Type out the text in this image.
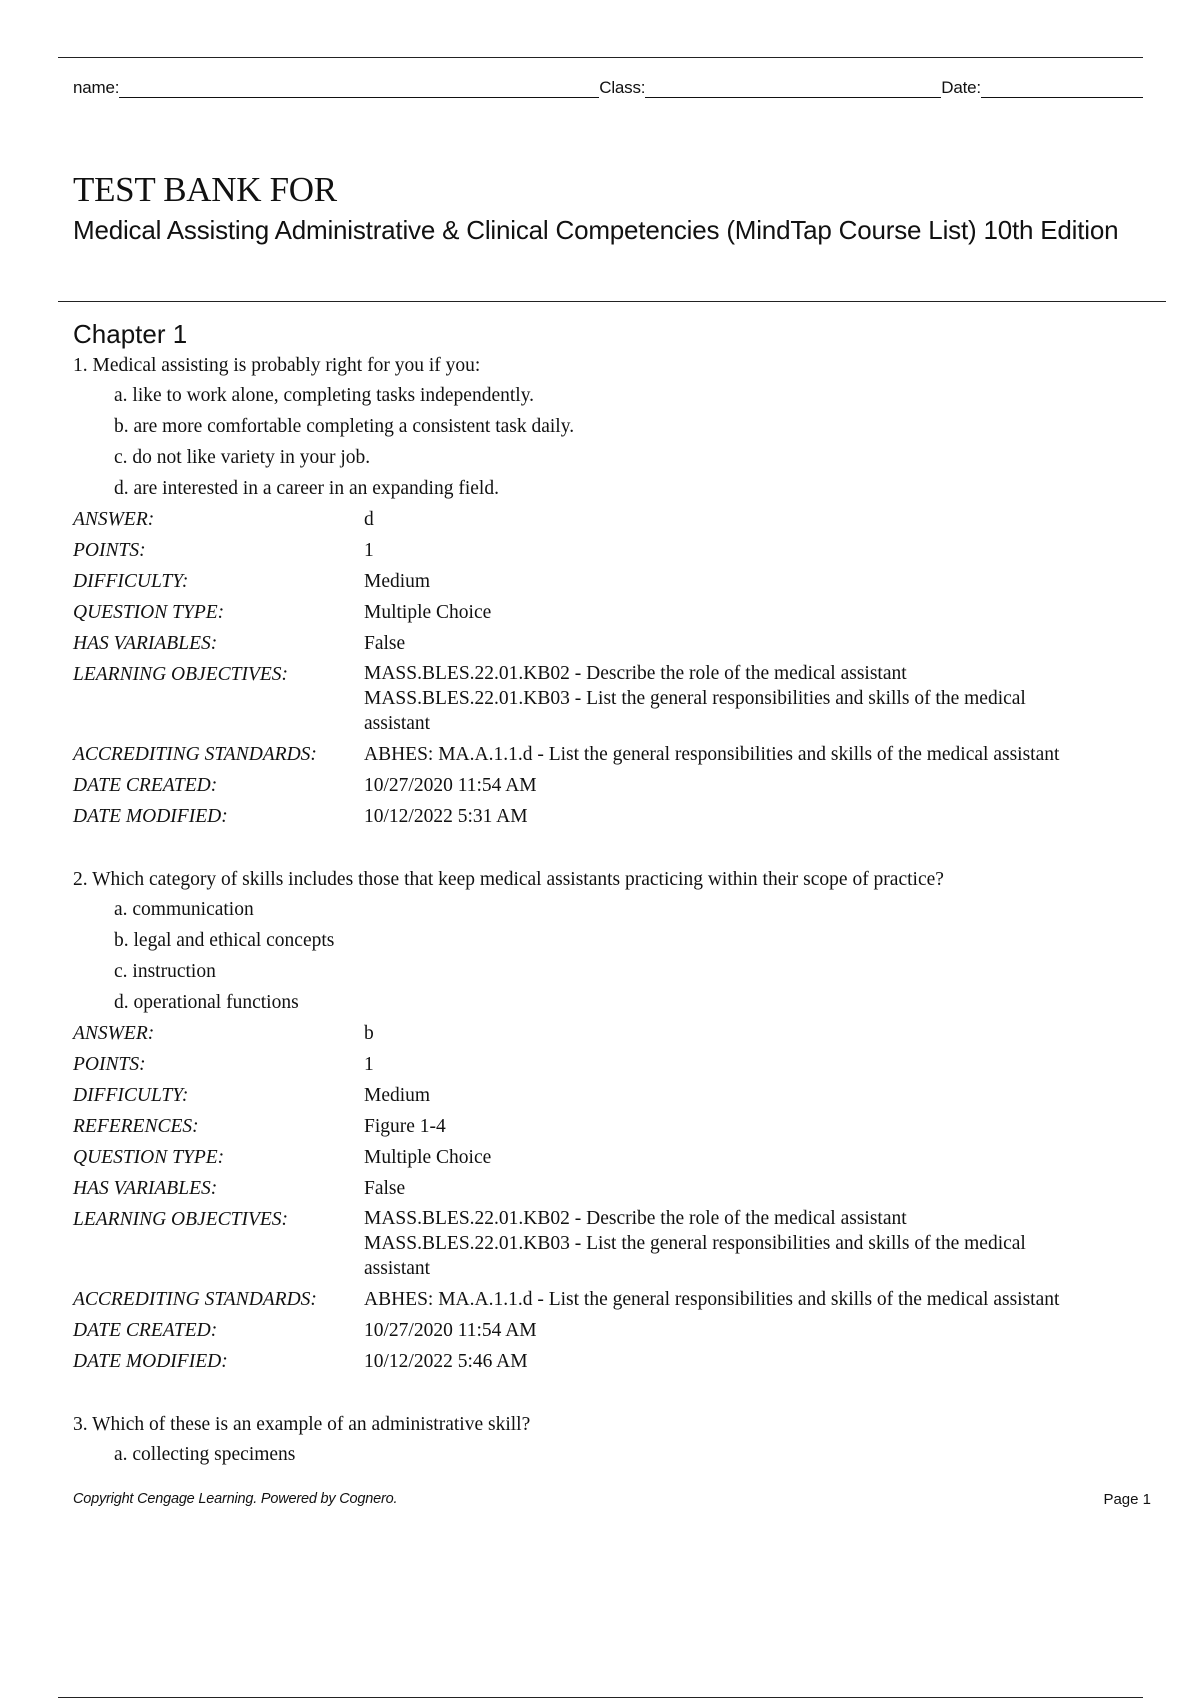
name:	Class:	Date:
TEST BANK FOR
Medical Assisting Administrative & Clinical Competencies (MindTap Course List) 10th Edition
Chapter 1

1. Medical assisting is probably right for you if you:

a. like to work alone, completing tasks independently.
b. are more comfortable completing a consistent task daily.
c. do not like variety in your job.
d. are interested in a career in an expanding field.
ANSWER:	d
POINTS:	1
DIFFICULTY:	Medium
QUESTION TYPE:	Multiple Choice
HAS VARIABLES:	False
LEARNING OBJECTIVES:	MASS.BLES.22.01.KB02 - Describe the role of the medical assistant
MASS.BLES.22.01.KB03 - List the general responsibilities and skills of the medical
assistant
ACCREDITING STANDARDS:	ABHES: MA.A.1.1.d - List the general responsibilities and skills of the medical assistant
DATE CREATED:	10/27/2020 11:54 AM
DATE MODIFIED:	10/12/2022 5:31 AM

2. Which category of skills includes those that keep medical assistants practicing within their scope of practice?

a. communication
b. legal and ethical concepts
c. instruction
d. operational functions
ANSWER:	b
POINTS:	1
DIFFICULTY:	Medium
REFERENCES:	Figure 1-4
QUESTION TYPE:	Multiple Choice
HAS VARIABLES:	False
LEARNING OBJECTIVES:	MASS.BLES.22.01.KB02 - Describe the role of the medical assistant
MASS.BLES.22.01.KB03 - List the general responsibilities and skills of the medical
assistant
ACCREDITING STANDARDS:	ABHES: MA.A.1.1.d - List the general responsibilities and skills of the medical assistant
DATE CREATED:	10/27/2020 11:54 AM
DATE MODIFIED:	10/12/2022 5:46 AM

3. Which of these is an example of an administrative skill?

a. collecting specimens
Copyright Cengage Learning. Powered by Cognero.	Page 1
